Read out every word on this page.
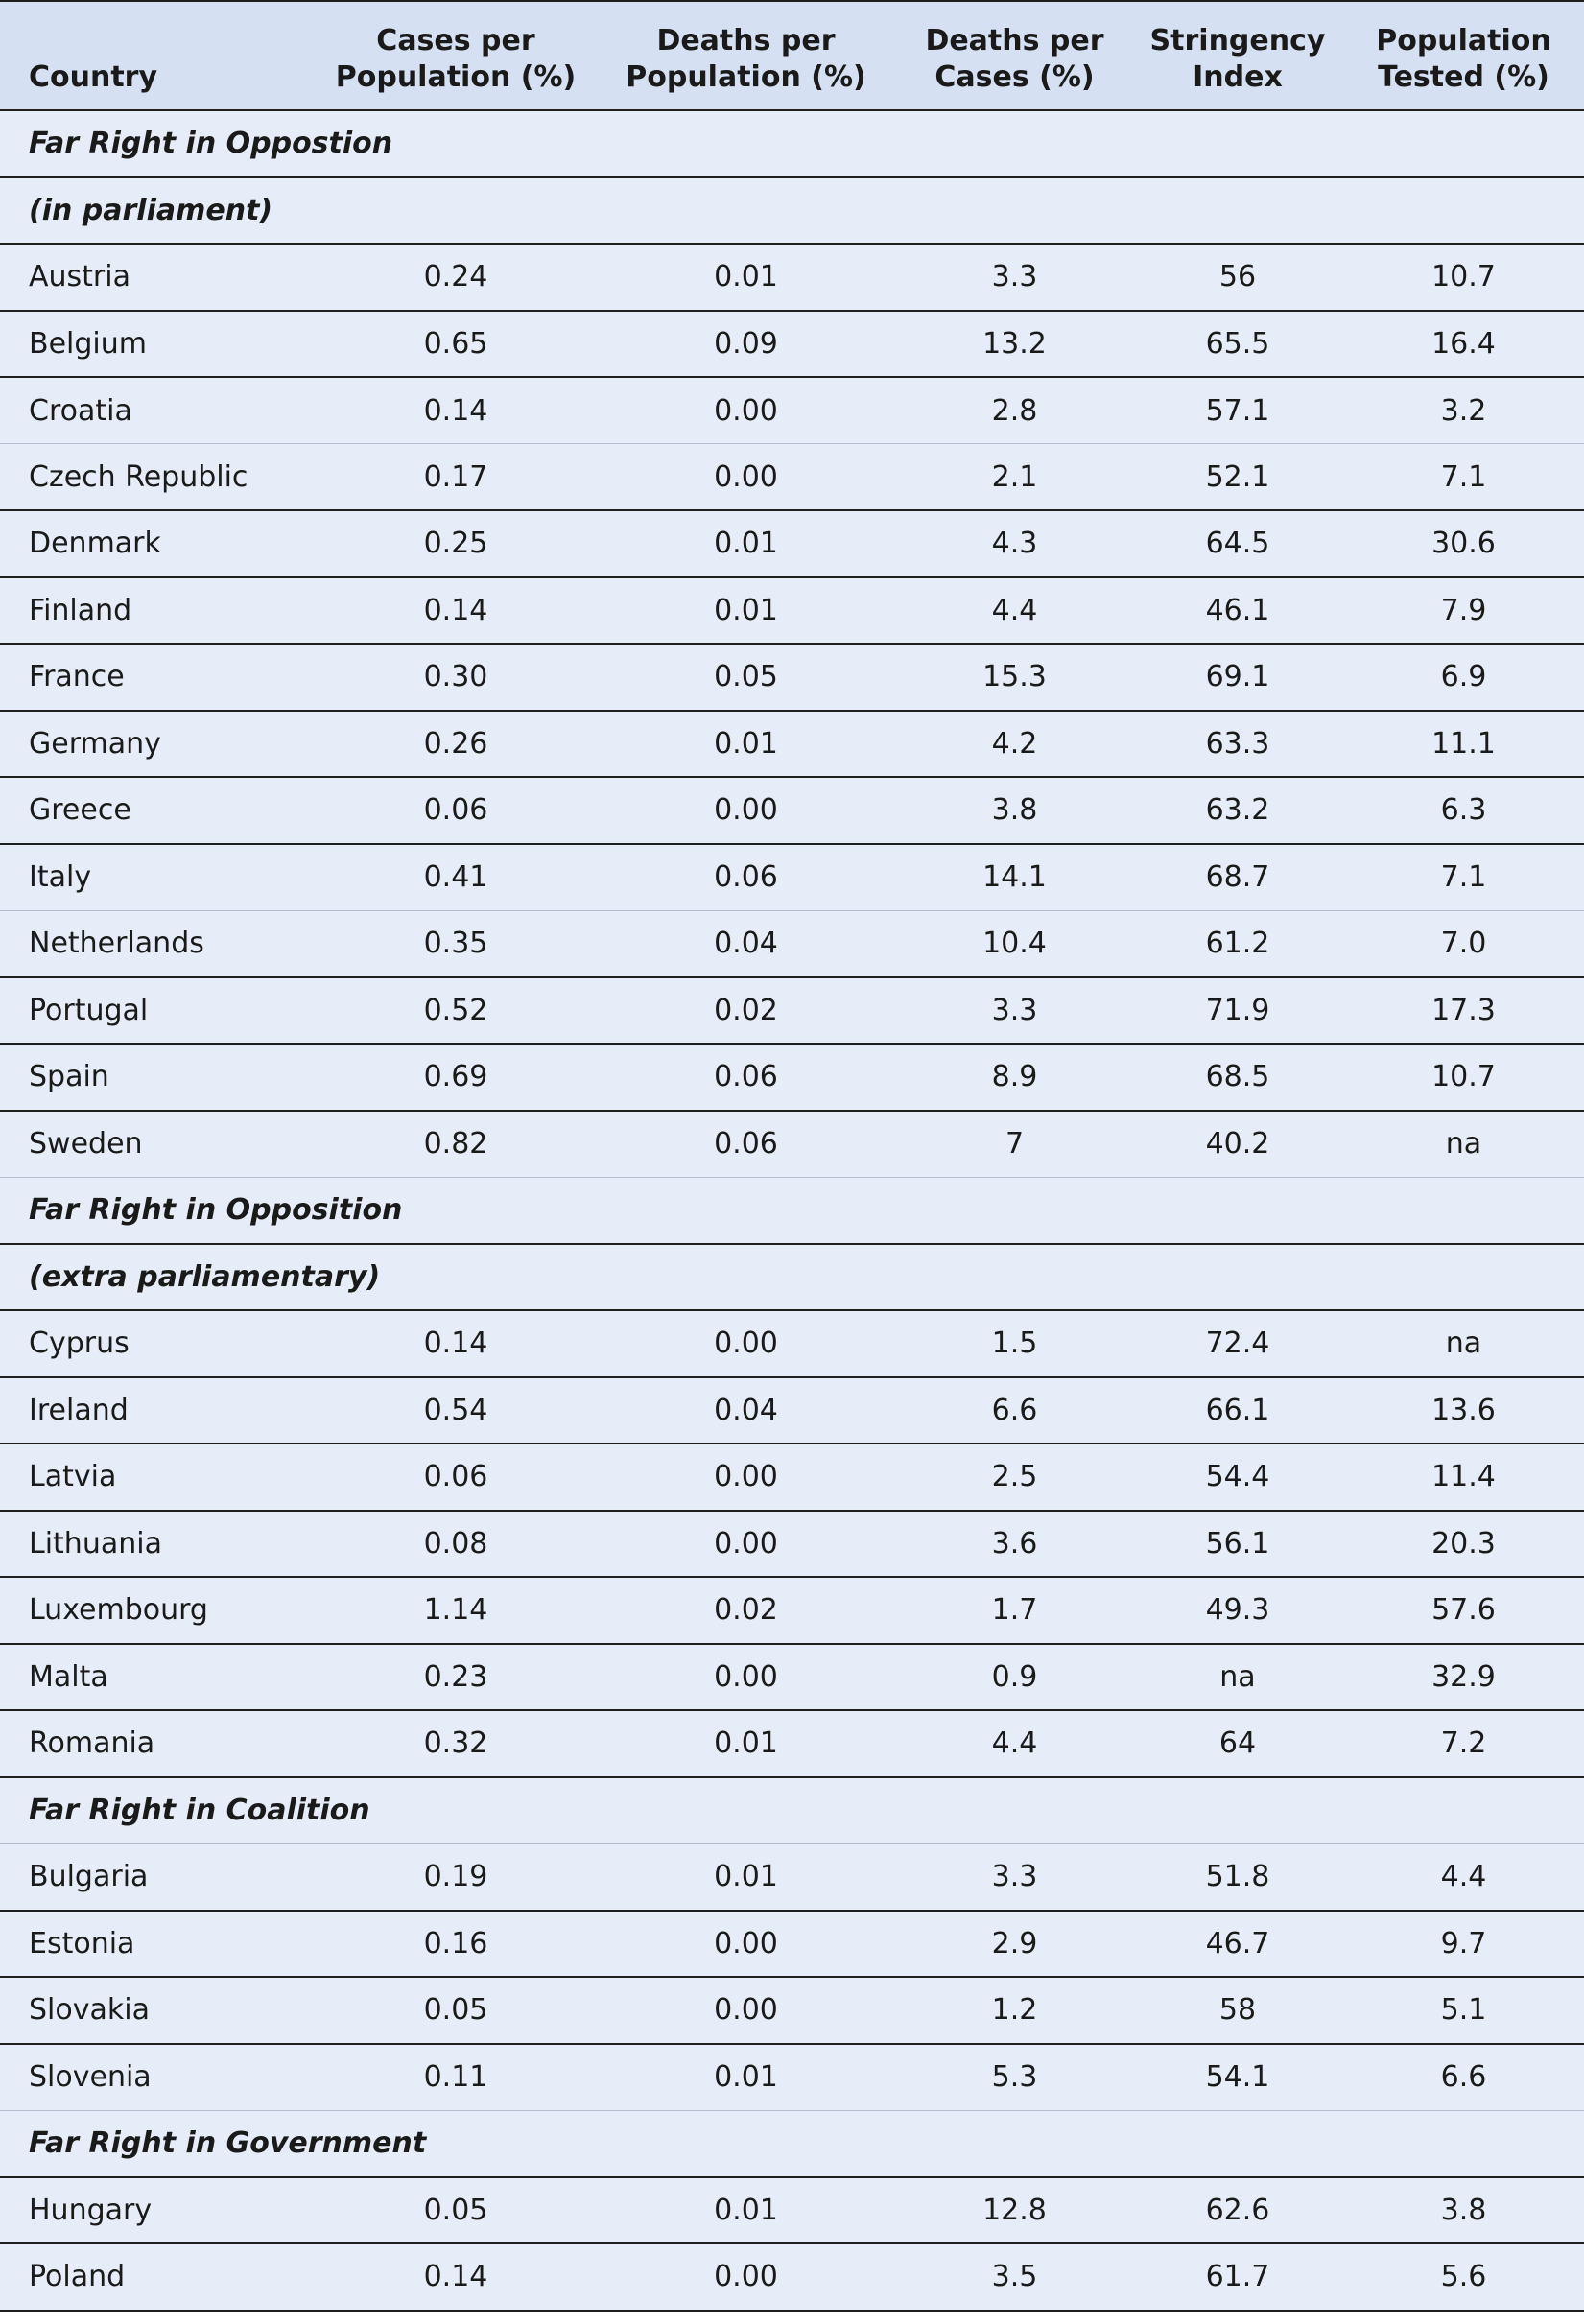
Country	Cases per Population (%)	Deaths per Population (%)	Deaths per Cases (%)	Stringency Index	Population Tested (%)
Far Right in Oppostion					
(in parliament)					
Austria	0.24	0.01	3.3	56	10.7
Belgium	0.65	0.09	13.2	65.5	16.4
Croatia	0.14	0.00	2.8	57.1	3.2
Czech Republic	0.17	0.00	2.1	52.1	7.1
Denmark	0.25	0.01	4.3	64.5	30.6
Finland	0.14	0.01	4.4	46.1	7.9
France	0.30	0.05	15.3	69.1	6.9
Germany	0.26	0.01	4.2	63.3	11.1
Greece	0.06	0.00	3.8	63.2	6.3
Italy	0.41	0.06	14.1	68.7	7.1
Netherlands	0.35	0.04	10.4	61.2	7.0
Portugal	0.52	0.02	3.3	71.9	17.3
Spain	0.69	0.06	8.9	68.5	10.7
Sweden	0.82	0.06	7	40.2	na
Far Right in Opposition					
(extra parliamentary)					
Cyprus	0.14	0.00	1.5	72.4	na
Ireland	0.54	0.04	6.6	66.1	13.6
Latvia	0.06	0.00	2.5	54.4	11.4
Lithuania	0.08	0.00	3.6	56.1	20.3
Luxembourg	1.14	0.02	1.7	49.3	57.6
Malta	0.23	0.00	0.9	na	32.9
Romania	0.32	0.01	4.4	64	7.2
Far Right in Coalition					
Bulgaria	0.19	0.01	3.3	51.8	4.4
Estonia	0.16	0.00	2.9	46.7	9.7
Slovakia	0.05	0.00	1.2	58	5.1
Slovenia	0.11	0.01	5.3	54.1	6.6
Far Right in Government					
Hungary	0.05	0.01	12.8	62.6	3.8
Poland	0.14	0.00	3.5	61.7	5.6
